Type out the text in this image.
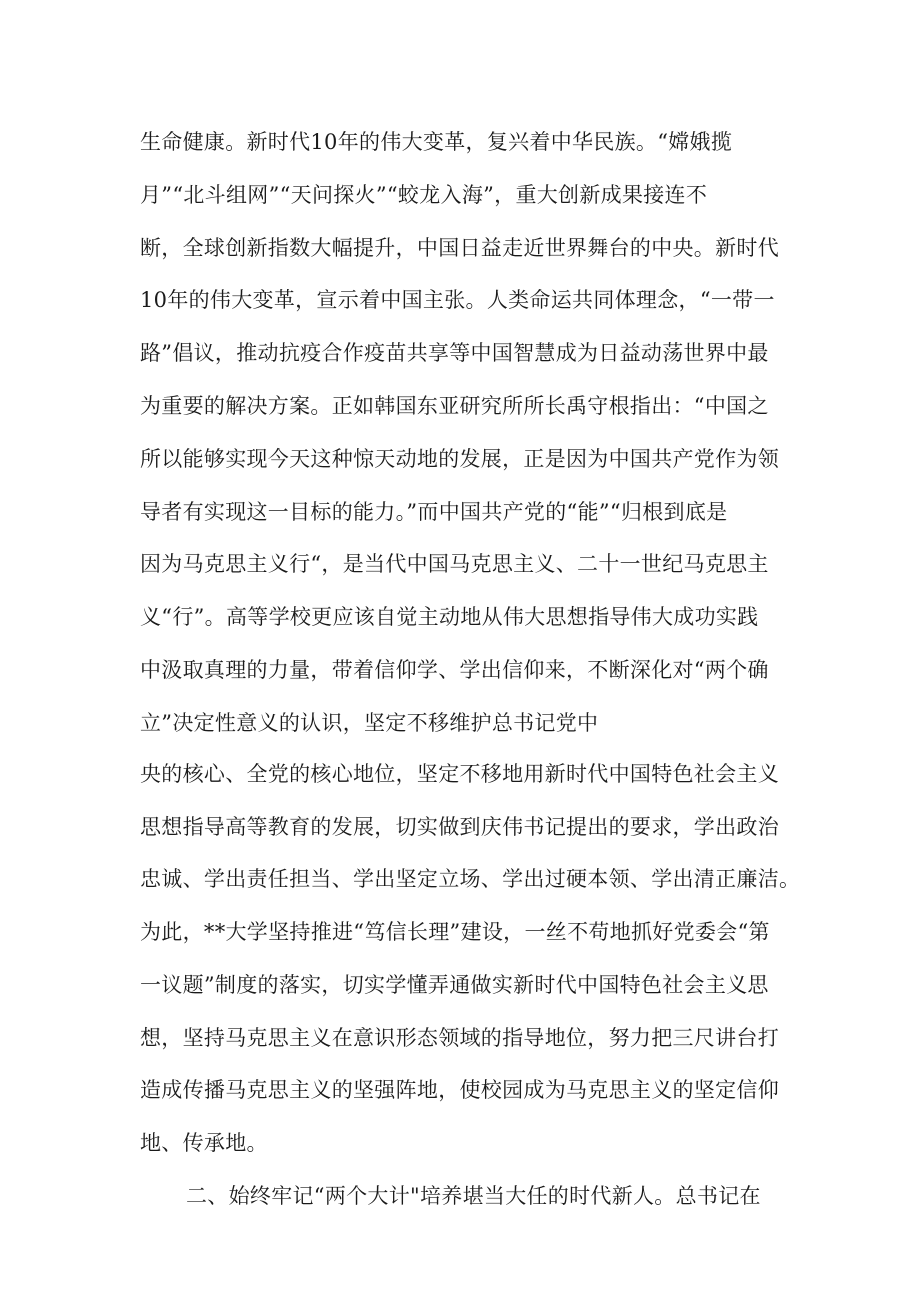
生命健康。新时代10年的伟大变革，复兴着中华民族。“嫦娥揽
月”“北斗组网”“天问探火”“蛟龙入海”，重大创新成果接连不
断，全球创新指数大幅提升，中国日益走近世界舞台的中央。新时代
10年的伟大变革，宣示着中国主张。人类命运共同体理念，“一带一
路”倡议，推动抗疫合作疫苗共享等中国智慧成为日益动荡世界中最
为重要的解决方案。正如韩国东亚研究所所长禹守根指出：“中国之
所以能够实现今天这种惊天动地的发展，正是因为中国共产党作为领
导者有实现这一目标的能力。”而中国共产党的“能”“归根到底是
因为马克思主义行“，是当代中国马克思主义、二十一世纪马克思主
义“行”。高等学校更应该自觉主动地从伟大思想指导伟大成功实践
中汲取真理的力量，带着信仰学、学出信仰来，不断深化对“两个确
立”决定性意义的认识，坚定不移维护总书记党中
央的核心、全党的核心地位，坚定不移地用新时代中国特色社会主义
思想指导高等教育的发展，切实做到庆伟书记提出的要求，学出政治
忠诚、学出责任担当、学出坚定立场、学出过硬本领、学出清正廉洁。
为此，**大学坚持推进“笃信长理”建设，一丝不苟地抓好党委会“第
一议题”制度的落实，切实学懂弄通做实新时代中国特色社会主义思
想，坚持马克思主义在意识形态领域的指导地位，努力把三尺讲台打
造成传播马克思主义的坚强阵地，使校园成为马克思主义的坚定信仰
地、传承地。
二、始终牢记“两个大计"培养堪当大任的时代新人。总书记在
